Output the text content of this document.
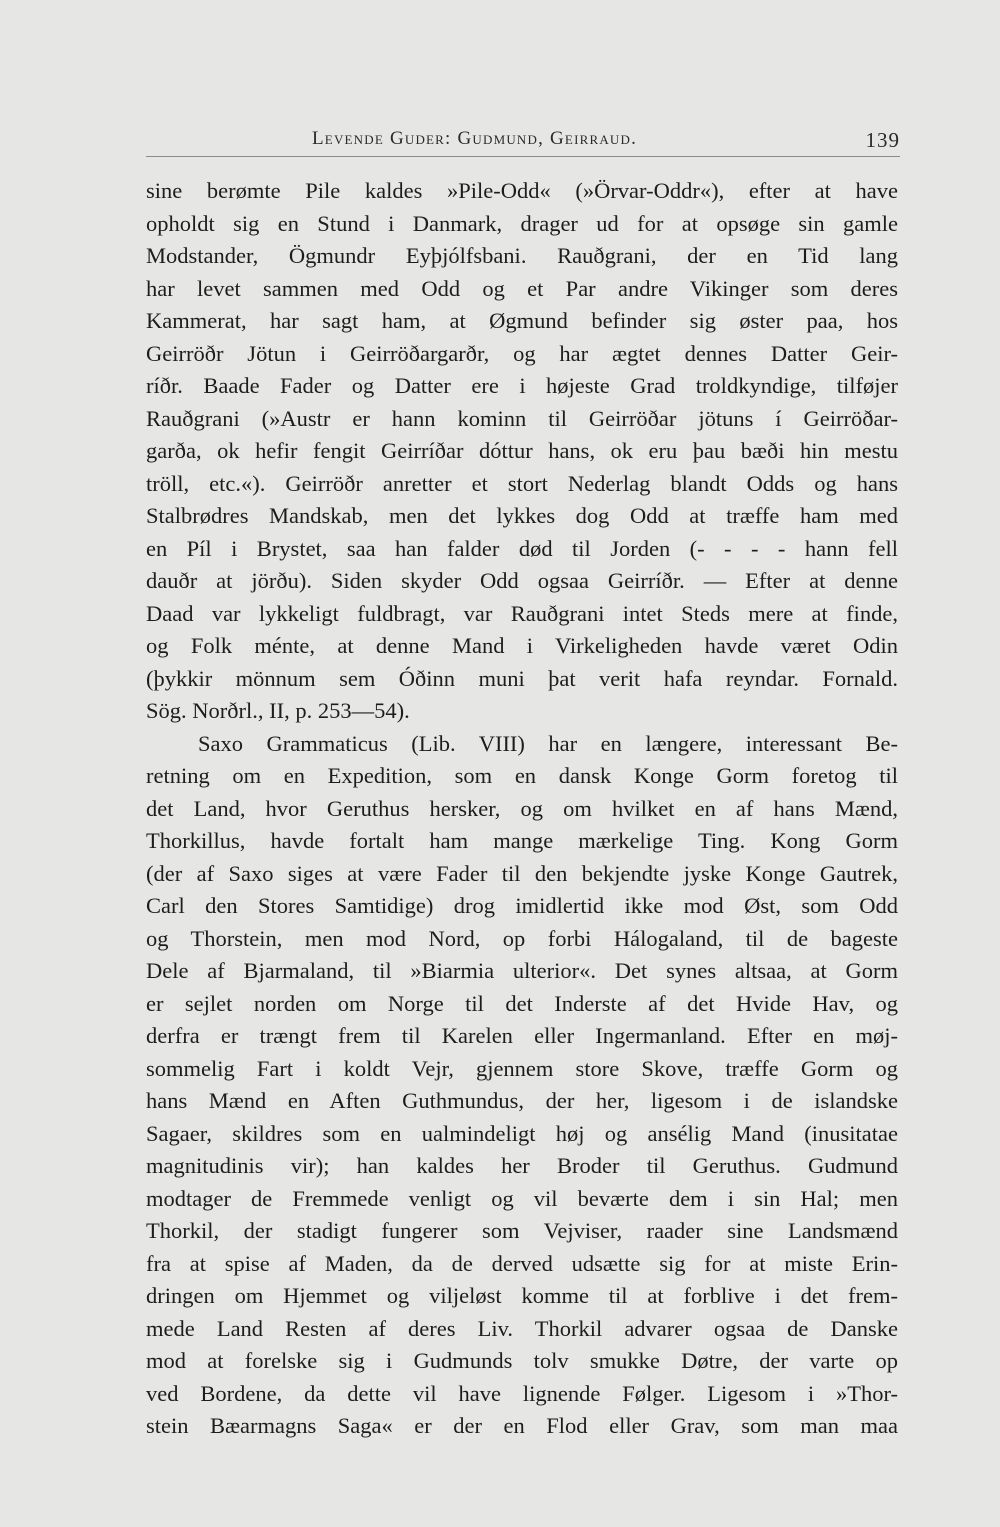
Levende Guder: Gudmund, Geirraud.	139
sine berømte Pile kaldes »Pile-Odd« (»Örvar-Oddr«), efter at have
opholdt sig en Stund i Danmark, drager ud for at opsøge sin gamle
Modstander, Ögmundr Eyþjólfsbani. Rauðgrani, der en Tid lang
har levet sammen med Odd og et Par andre Vikinger som deres
Kammerat, har sagt ham, at Øgmund befinder sig øster paa, hos
Geirröðr Jötun i Geirröðargarðr, og har ægtet dennes Datter Geir-
ríðr. Baade Fader og Datter ere i højeste Grad troldkyndige, tilføjer
Rauðgrani (»Austr er hann kominn til Geirröðar jötuns í Geirröðar-
garða, ok hefir fengit Geirríðar dóttur hans, ok eru þau bæði hin mestu
tröll, etc.«). Geirröðr anretter et stort Nederlag blandt Odds og hans
Stalbrødres Mandskab, men det lykkes dog Odd at træffe ham med
en Píl i Brystet, saa han falder død til Jorden (- - - - hann fell
dauðr at jörðu). Siden skyder Odd ogsaa Geirríðr. — Efter at denne
Daad var lykkeligt fuldbragt, var Rauðgrani intet Steds mere at finde,
og Folk ménte, at denne Mand i Virkeligheden havde været Odin
(þykkir mönnum sem Óðinn muni þat verit hafa reyndar. Fornald.
Sög. Norðrl., II, p. 253—54).
Saxo Grammaticus (Lib. VIII) har en længere, interessant Be-
retning om en Expedition, som en dansk Konge Gorm foretog til
det Land, hvor Geruthus hersker, og om hvilket en af hans Mænd,
Thorkillus, havde fortalt ham mange mærkelige Ting. Kong Gorm
(der af Saxo siges at være Fader til den bekjendte jyske Konge Gautrek,
Carl den Stores Samtidige) drog imidlertid ikke mod Øst, som Odd
og Thorstein, men mod Nord, op forbi Hálogaland, til de bageste
Dele af Bjarmaland, til »Biarmia ulterior«. Det synes altsaa, at Gorm
er sejlet norden om Norge til det Inderste af det Hvide Hav, og
derfra er trængt frem til Karelen eller Ingermanland. Efter en møj-
sommelig Fart i koldt Vejr, gjennem store Skove, træffe Gorm og
hans Mænd en Aften Guthmundus, der her, ligesom i de islandske
Sagaer, skildres som en ualmindeligt høj og ansélig Mand (inusitatae
magnitudinis vir); han kaldes her Broder til Geruthus. Gudmund
modtager de Fremmede venligt og vil beværte dem i sin Hal; men
Thorkil, der stadigt fungerer som Vejviser, raader sine Landsmænd
fra at spise af Maden, da de derved udsætte sig for at miste Erin-
dringen om Hjemmet og viljeløst komme til at forblive i det frem-
mede Land Resten af deres Liv. Thorkil advarer ogsaa de Danske
mod at forelske sig i Gudmunds tolv smukke Døtre, der varte op
ved Bordene, da dette vil have lignende Følger. Ligesom i »Thor-
stein Bæarmagns Saga« er der en Flod eller Grav, som man maa
